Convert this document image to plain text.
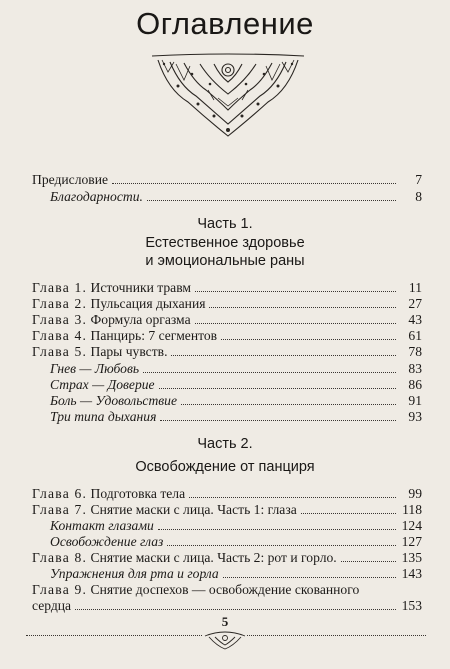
Оглавление
Предисловие	7
Благодарности.	8
Часть 1.
Естественное здоровье
и эмоциональные раны
Глава 1. Источники травм	11
Глава 2. Пульсация дыхания	27
Глава 3. Формула оргазма	43
Глава 4. Панцирь: 7 сегментов	61
Глава 5. Пары чувств.	78
Гнев — Любовь	83
Страх — Доверие	86
Боль — Удовольствие	91
Три типа дыхания	93
Часть 2.
Освобождение от панциря
Глава 6. Подготовка тела	99
Глава 7. Снятие маски с лица. Часть 1: глаза	118
Контакт глазами	124
Освобождение глаз	127
Глава 8. Снятие маски с лица. Часть 2: рот и горло.	135
Упражнения для рта и горла	143
Глава 9. Снятие доспехов — освобождение скованного
сердца	153
5
